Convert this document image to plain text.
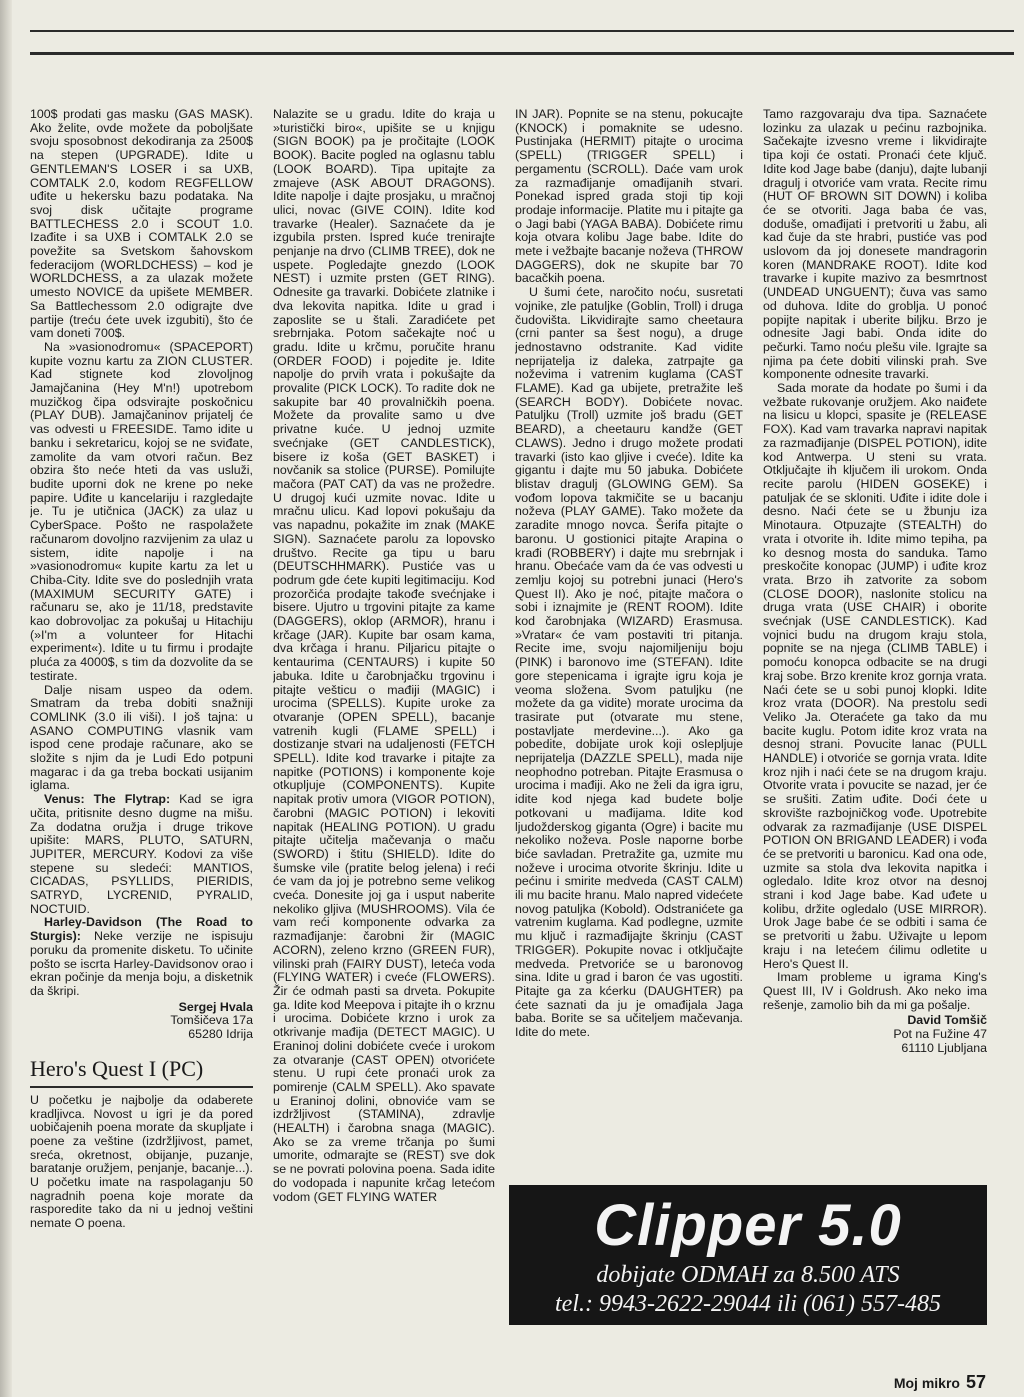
100$ prodati gas masku (GAS MASK). Ako želite, ovde možete da poboljšate svoju sposobnost dekodiranja za 2500$ na stepen (UPGRADE). Idite u GENTLEMAN'S LOSER i sa UXB, COMTALK 2.0, kodom REGFELLOW uđite u hekersku bazu podataka. Na svoj disk učitajte programe BATTLECHESS 2.0 i SCOUT 1.0. Izađite i sa UXB i COMTALK 2.0 se povežite sa Svetskom šahovskom federacijom (WORLDCHESS) – kod je WORLDCHESS, a za ulazak možete umesto NOVICE da upišete MEMBER. Sa Battlechessom 2.0 odigrajte dve partije (treću ćete uvek izgubiti), što će vam doneti 700$.

Na »vasionodromu« (SPACEPORT) kupite voznu kartu za ZION CLUSTER. Kad stignete kod zlovoljnog Jamajčanina (Hey M'n!) upotrebom muzičkog čipa odsvirajte poskočnicu (PLAY DUB). Jamajčaninov prijatelj će vas odvesti u FREESIDE. Tamo idite u banku i sekretaricu, kojoj se ne sviđate, zamolite da vam otvori račun. Bez obzira što neće hteti da vas usluži, budite uporni dok ne krene po neke papire. Uđite u kancelariju i razgledajte je. Tu je utičnica (JACK) za ulaz u CyberSpace. Pošto ne raspolažete računarom dovoljno razvijenim za ulaz u sistem, idite napolje i na »vasionodromu« kupite kartu za let u Chiba-City. Idite sve do poslednjih vrata (MAXIMUM SECURITY GATE) i računaru se, ako je 11/18, predstavite kao dobrovoljac za pokušaj u Hitachiju (»I'm a volunteer for Hitachi experiment«). Idite u tu firmu i prodajte pluća za 4000$, s tim da dozvolite da se testirate.

Dalje nisam uspeo da odem. Smatram da treba dobiti snažniji COMLINK (3.0 ili viši). I još tajna: u ASANO COMPUTING vlasnik vam ispod cene prodaje računare, ako se složite s njim da je Ludi Edo potpuni magarac i da ga treba bockati usijanim iglama.

Venus: The Flytrap: Kad se igra učita, pritisnite desno dugme na mišu. Za dodatna oružja i druge trikove upišite: MARS, PLUTO, SATURN, JUPITER, MERCURY. Kodovi za više stepene su sledeći: MANTIOS, CICADAS, PSYLLIDS, PIERIDIS, SATRYD, LYCRENID, PYRALID, NOCTUID.

Harley-Davidson (The Road to Sturgis): Neke verzije ne ispisuju poruku da promenite disketu. To učinite pošto se iscrta Harley-Davidsonov orao i ekran počinje da menja boju, a disketnik da škripi.

Sergej Hvala
Tomšičeva 17a
65280 Idrija
Hero's Quest I (PC)

U početku je najbolje da odaberete kradljivca. Novost u igri je da pored uobičajenih poena morate da skupljate i poene za veštine (izdržljivost, pamet, sreća, okretnost, obijanje, puzanje, baratanje oružjem, penjanje, bacanje...). U početku imate na raspolaganju 50 nagradnih poena koje morate da rasporedite tako da ni u jednoj veštini nemate O poena.

Nalazite se u gradu. Idite do kraja u »turistički biro«, upišite se u knjigu (SIGN BOOK) pa je pročitajte (LOOK BOOK). Bacite pogled na oglasnu tablu (LOOK BOARD). Tipa upitajte za zmajeve (ASK ABOUT DRAGONS). Idite napolje i dajte prosjaku, u mračnoj ulici, novac (GIVE COIN). Idite kod travarke (Healer). Saznaćete da je izgubila prsten. Ispred kuće trenirajte penjanje na drvo (CLIMB TREE), dok ne uspete. Pogledajte gnezdo (LOOK NEST) i uzmite prsten (GET RING). Odnesite ga travarki. Dobićete zlatnike i dva lekovita napitka. Idite u grad i zaposlite se u štali. Zaradićete pet srebrnjaka. Potom sačekajte noć u gradu. Idite u krčmu, poručite hranu (ORDER FOOD) i pojedite je. Idite napolje do prvih vrata i pokušajte da provalite (PICK LOCK). To radite dok ne sakupite bar 40 provalničkih poena. Možete da provalite samo u dve privatne kuće. U jednoj uzmite svećnjake (GET CANDLESTICK), bisere iz koša (GET BASKET) i novčanik sa stolice (PURSE). Pomilujte mačora (PAT CAT) da vas ne prožedre. U drugoj kući uzmite novac. Idite u mračnu ulicu. Kad lopovi pokušaju da vas napadnu, pokažite im znak (MAKE SIGN). Saznaćete parolu za lopovsko društvo. Recite ga tipu u baru (DEUTSCHHMARK). Pustiće vas u podrum gde ćete kupiti legitimaciju. Kod prozorčića prodajte takođe svećnjake i bisere. Ujutro u trgovini pitajte za kame (DAGGERS), oklop (ARMOR), hranu i krčage (JAR). Kupite bar osam kama, dva krčaga i hranu. Piljaricu pitajte o kentaurima (CENTAURS) i kupite 50 jabuka. Idite u čarobnjačku trgovinu i pitajte vešticu o mađiji (MAGIC) i urocima (SPELLS). Kupite uroke za otvaranje (OPEN SPELL), bacanje vatrenih kugli (FLAME SPELL) i dostizanje stvari na udaljenosti (FETCH SPELL). Idite kod travarke i pitajte za napitke (POTIONS) i komponente koje otkupljuje (COMPONENTS). Kupite napitak protiv umora (VIGOR POTION), čarobni (MAGIC POTION) i lekoviti napitak (HEALING POTION). U gradu pitajte učitelja mačevanja o maču (SWORD) i štitu (SHIELD). Idite do šumske vile (pratite belog jelena) i reći će vam da joj je potrebno seme velikog cveća. Donesite joj ga i usput naberite nekoliko gljiva (MUSHROOMS). Vila će vam reći komponente odvarka za razmađijanje: čarobni žir (MAGIC ACORN), zeleno krzno (GREEN FUR), vilinski prah (FAIRY DUST), leteća voda (FLYING WATER) i cveće (FLOWERS). Žir će odmah pasti sa drveta. Pokupite ga. Idite kod Meepova i pitajte ih o krznu i urocima. Dobićete krzno i urok za otkrivanje mađija (DETECT MAGIC). U Eraninoj dolini dobićete cveće i urokom za otvaranje (CAST OPEN) otvorićete stenu. U rupi ćete pronaći urok za pomirenje (CALM SPELL). Ako spavate u Eraninoj dolini, obnoviće vam se izdržljivost (STAMINA), zdravlje (HEALTH) i čarobna snaga (MAGIC). Ako se za vreme trčanja po šumi umorite, odmarajte se (REST) sve dok se ne povrati polovina poena. Sada idite do vodopada i napunite krčag letećom vodom (GET FLYING WATER

IN JAR). Popnite se na stenu, pokucajte (KNOCK) i pomaknite se udesno. Pustinjaka (HERMIT) pitajte o urocima (SPELL) (TRIGGER SPELL) i pergamentu (SCROLL). Daće vam urok za razmađijanje omađijanih stvari. Ponekad ispred grada stoji tip koji prodaje informacije. Platite mu i pitajte ga o Jagi babi (YAGA BABA). Dobićete rimu koja otvara kolibu Jage babe. Idite do mete i vežbajte bacanje noževa (THROW DAGGERS), dok ne skupite bar 70 bacačkih poena.

U šumi ćete, naročito noću, susretati vojnike, zle patuljke (Goblin, Troll) i druga čudovišta. Likvidirajte samo cheetaura (crni panter sa šest nogu), a druge jednostavno odstranite. Kad vidite neprijatelja iz daleka, zatrpajte ga noževima i vatrenim kuglama (CAST FLAME). Kad ga ubijete, pretražite leš (SEARCH BODY). Dobićete novac. Patuljku (Troll) uzmite još bradu (GET BEARD), a cheetauru kandže (GET CLAWS). Jedno i drugo možete prodati travarki (isto kao gljive i cveće). Idite ka gigantu i dajte mu 50 jabuka. Dobićete blistav dragulj (GLOWING GEM). Sa vođom lopova takmičite se u bacanju noževa (PLAY GAME). Tako možete da zaradite mnogo novca. Šerifa pitajte o baronu. U gostionici pitajte Arapina o krađi (ROBBERY) i dajte mu srebrnjak i hranu. Obećaće vam da će vas odvesti u zemlju kojoj su potrebni junaci (Hero's Quest II). Ako je noć, pitajte mačora o sobi i iznajmite je (RENT ROOM). Idite kod čarobnjaka (WIZARD) Erasmusa. »Vratar« će vam postaviti tri pitanja. Recite ime, svoju najomiljeniju boju (PINK) i baronovo ime (STEFAN). Idite gore stepenicama i igrajte igru koja je veoma složena. Svom patuljku (ne možete da ga vidite) morate urocima da trasirate put (otvarate mu stene, postavljate merdevine...). Ako ga pobedite, dobijate urok koji oslepljuje neprijatelja (DAZZLE SPELL), mada nije neophodno potreban. Pitajte Erasmusa o urocima i mađiji. Ako ne želi da igra igru, idite kod njega kad budete bolje potkovani u mađijama. Idite kod ljudožderskog giganta (Ogre) i bacite mu nekoliko noževa. Posle naporne borbe biće savladan. Pretražite ga, uzmite mu noževe i urocima otvorite škrinju. Idite u pećinu i smirite medveda (CAST CALM) ili mu bacite hranu. Malo napred videćete novog patuljka (Kobold). Odstranićete ga vatrenim kuglama. Kad podlegne, uzmite mu ključ i razmađijajte škrinju (CAST TRIGGER). Pokupite novac i otključajte medveda. Pretvoriće se u baronovog sina. Idite u grad i baron će vas ugostiti. Pitajte ga za kćerku (DAUGHTER) pa ćete saznati da ju je omađijala Jaga baba. Borite se sa učiteljem mačevanja. Idite do mete.

Tamo razgovaraju dva tipa. Saznaćete lozinku za ulazak u pećinu razbojnika. Sačekajte izvesno vreme i likvidirajte tipa koji će ostati. Pronaći ćete ključ. Idite kod Jage babe (danju), dajte lubanji dragulj i otvoriće vam vrata. Recite rimu (HUT OF BROWN SIT DOWN) i koliba će se otvoriti. Jaga baba će vas, doduše, omađijati i pretvoriti u žabu, ali kad čuje da ste hrabri, pustiće vas pod uslovom da joj donesete mandragorin koren (MANDRAKE ROOT). Idite kod travarke i kupite mazivo za besmrtnost (UNDEAD UNGUENT); čuva vas samo od duhova. Idite do groblja. U ponoć popijte napitak i uberite biljku. Brzo je odnesite Jagi babi. Onda idite do pečurki. Tamo noću plešu vile. Igrajte sa njima pa ćete dobiti vilinski prah. Sve komponente odnesite travarki.

Sada morate da hodate po šumi i da vežbate rukovanje oružjem. Ako naiđete na lisicu u klopci, spasite je (RELEASE FOX). Kad vam travarka napravi napitak za razmađijanje (DISPEL POTION), idite kod Antwerpa. U steni su vrata. Otključajte ih ključem ili urokom. Onda recite parolu (HIDEN GOSEKE) i patuljak će se skloniti. Uđite i idite dole i desno. Naći ćete se u žbunju iza Minotaura. Otpuzajte (STEALTH) do vrata i otvorite ih. Idite mimo tepiha, pa ko desnog mosta do sanduka. Tamo preskočite konopac (JUMP) i uđite kroz vrata. Brzo ih zatvorite za sobom (CLOSE DOOR), naslonite stolicu na druga vrata (USE CHAIR) i oborite svećnjak (USE CANDLESTICK). Kad vojnici budu na drugom kraju stola, popnite se na njega (CLIMB TABLE) i pomoću konopca odbacite se na drugi kraj sobe. Brzo krenite kroz gornja vrata. Naći ćete se u sobi punoj klopki. Idite kroz vrata (DOOR). Na prestolu sedi Veliko Ja. Oteraćete ga tako da mu bacite kuglu. Potom idite kroz vrata na desnoj strani. Povucite lanac (PULL HANDLE) i otvoriće se gornja vrata. Idite kroz njih i naći ćete se na drugom kraju. Otvorite vrata i povucite se nazad, jer će se srušiti. Zatim uđite. Doći ćete u skrovište razbojničkog vođe. Upotrebite odvarak za razmađijanje (USE DISPEL POTION ON BRIGAND LEADER) i vođa će se pretvoriti u baronicu. Kad ona ode, uzmite sa stola dva lekovita napitka i ogledalo. Idite kroz otvor na desnoj strani i kod Jage babe. Kad uđete u kolibu, držite ogledalo (USE MIRROR). Urok Jage babe će se odbiti i sama će se pretvoriti u žabu. Uživajte u lepom kraju i na letećem ćilimu odletite u Hero's Quest II.

Imam probleme u igrama King's Quest III, IV i Goldrush. Ako neko ima rešenje, zamolio bih da mi ga pošalje.

David Tomšič
Pot na Fužine 47
61110 Ljubljana
Clipper 5.0
dobijate ODMAH za 8.500 ATS
tel.: 9943-2622-29044 ili (061) 557-485
Moj mikro 57
